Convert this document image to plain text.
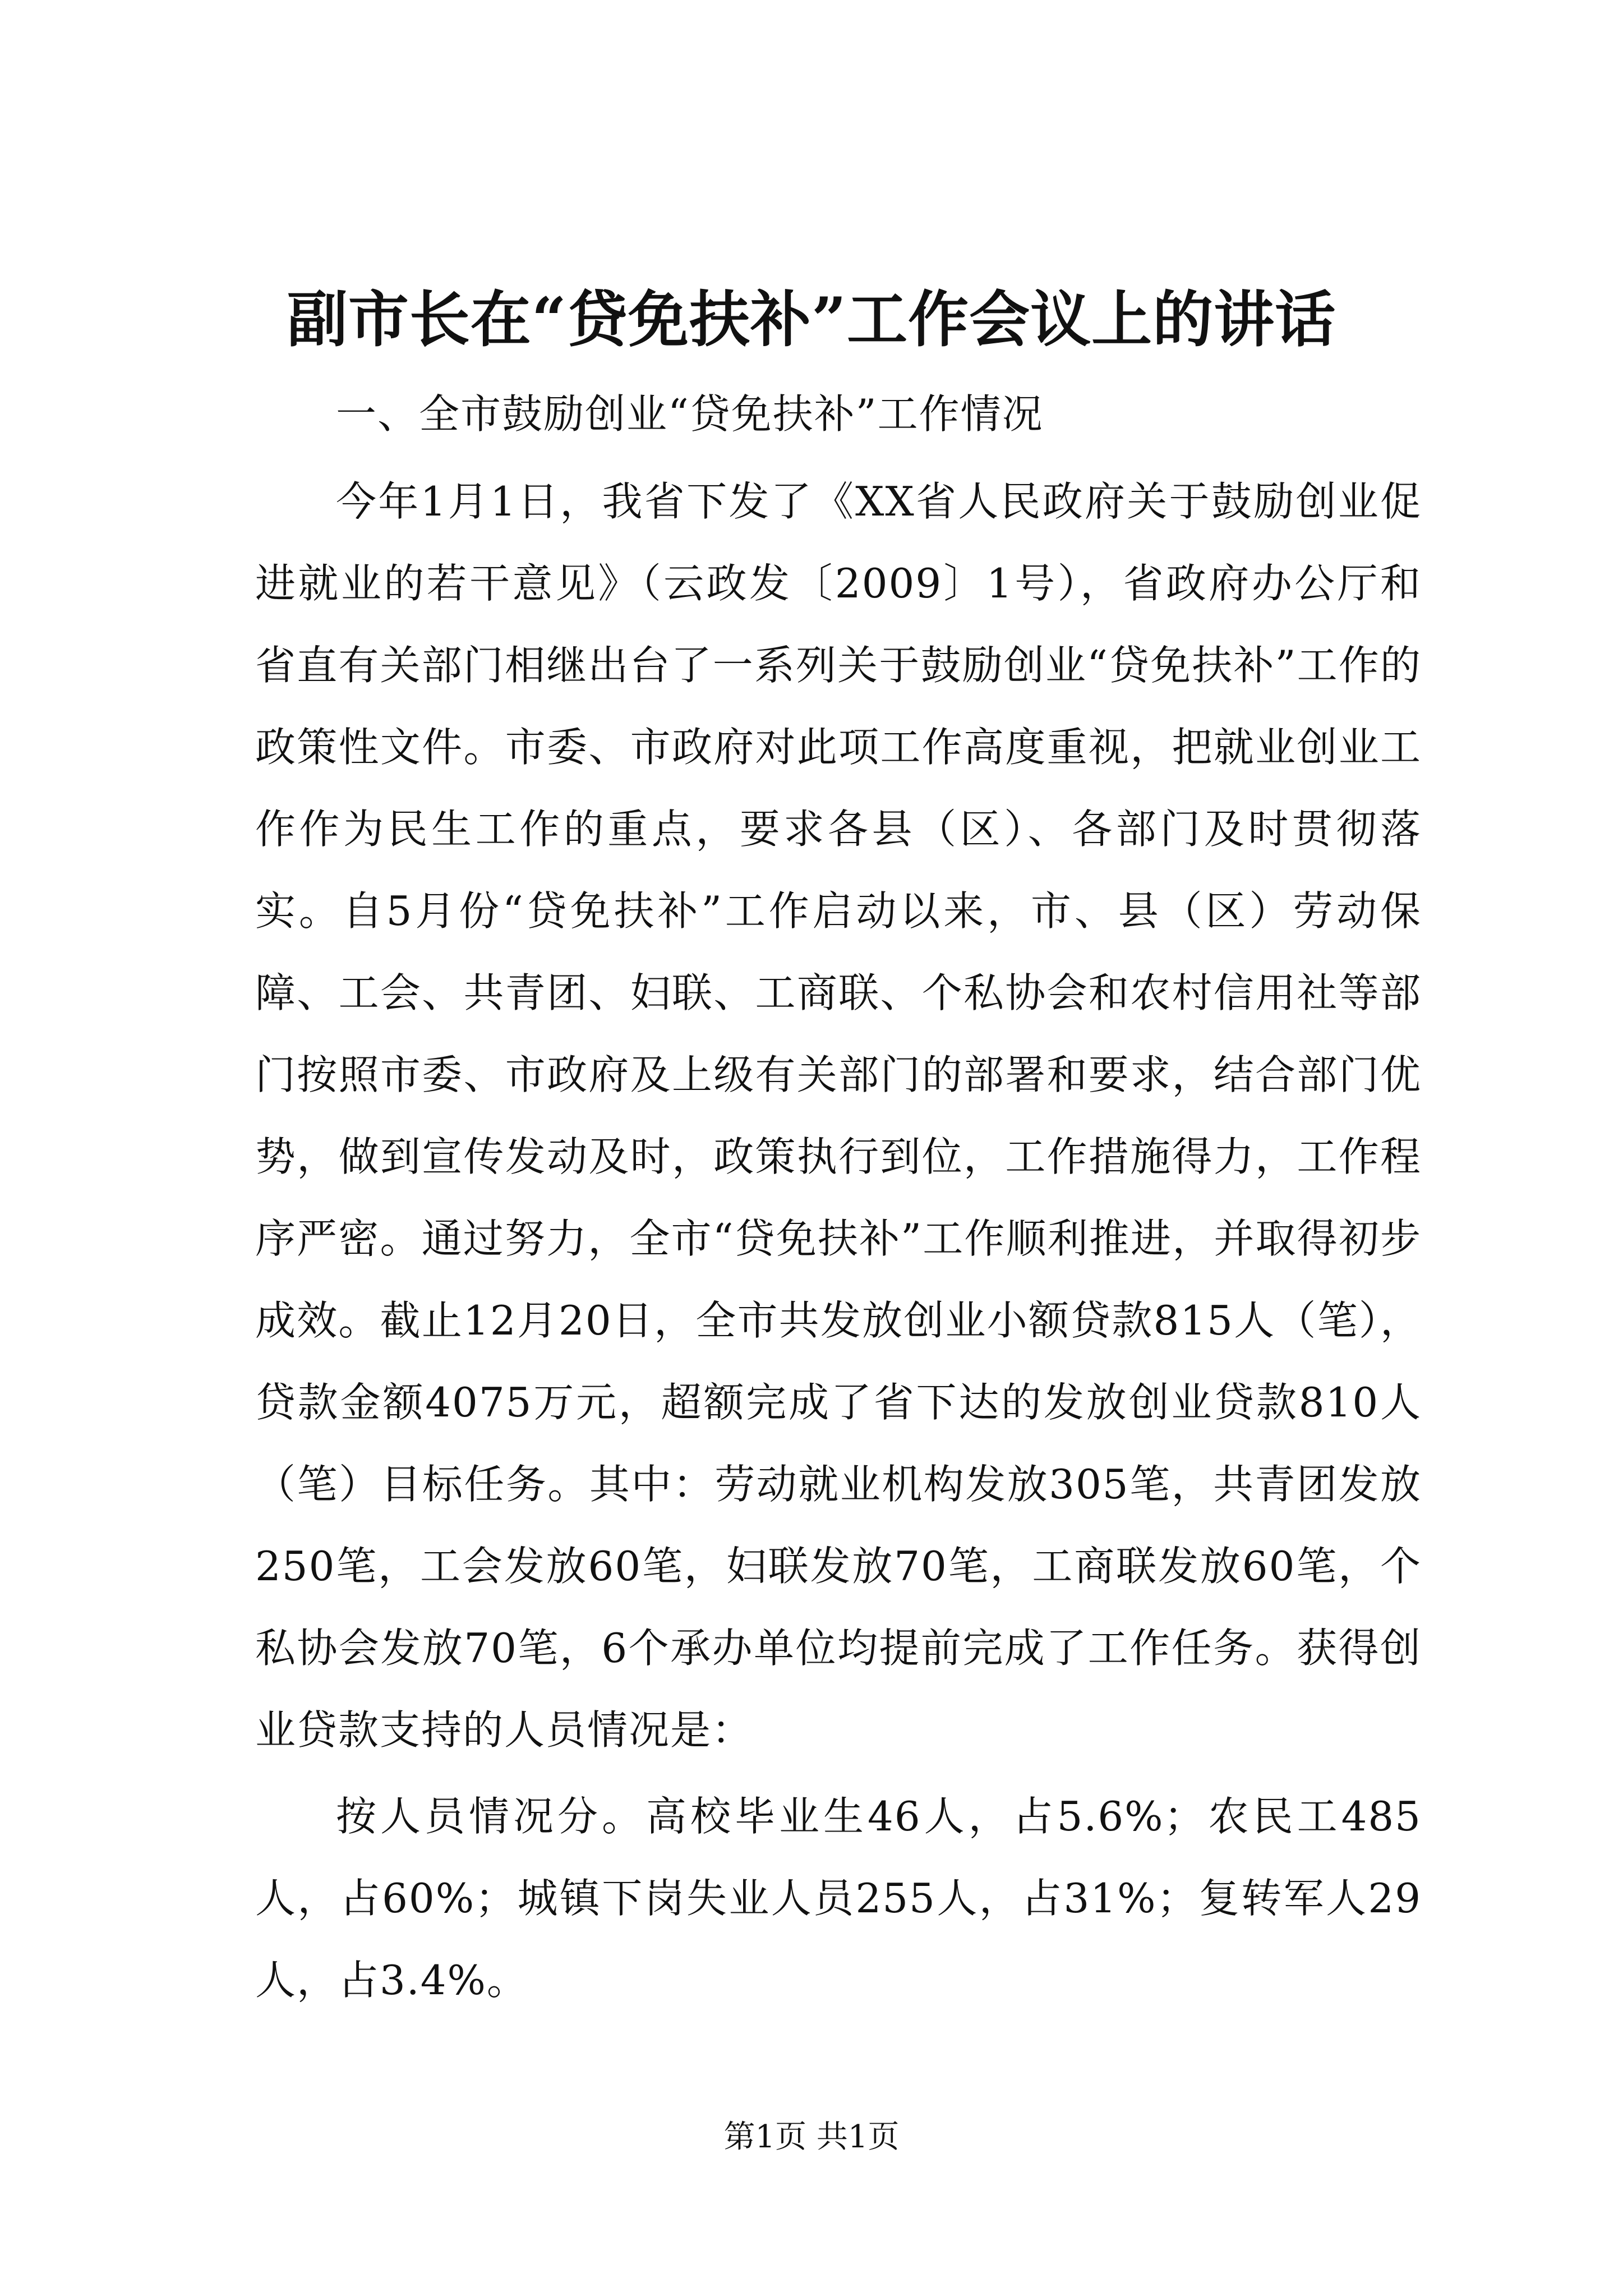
副市长在“贷免扶补”工作会议上的讲话

一、全市鼓励创业“贷免扶补”工作情况

今年1月1日，我省下发了《XX省人民政府关于鼓励创业促进就业的若干意见》（云政发〔2009〕1号），省政府办公厅和省直有关部门相继出台了一系列关于鼓励创业“贷免扶补”工作的政策性文件。市委、市政府对此项工作高度重视，把就业创业工作作为民生工作的重点，要求各县（区）、各部门及时贯彻落实。自5月份“贷免扶补”工作启动以来，市、县（区）劳动保障、工会、共青团、妇联、工商联、个私协会和农村信用社等部门按照市委、市政府及上级有关部门的部署和要求，结合部门优势，做到宣传发动及时，政策执行到位，工作措施得力，工作程序严密。通过努力，全市“贷免扶补”工作顺利推进，并取得初步成效。截止12月20日，全市共发放创业小额贷款815人（笔），贷款金额4075万元，超额完成了省下达的发放创业贷款810人（笔）目标任务。其中：劳动就业机构发放305笔，共青团发放250笔，工会发放60笔，妇联发放70笔，工商联发放60笔，个私协会发放70笔，6个承办单位均提前完成了工作任务。获得创业贷款支持的人员情况是：

按人员情况分。高校毕业生46人，占5.6%；农民工485人，占60%；城镇下岗失业人员255人，占31%；复转军人29人，占3.4%。

第1页 共1页
